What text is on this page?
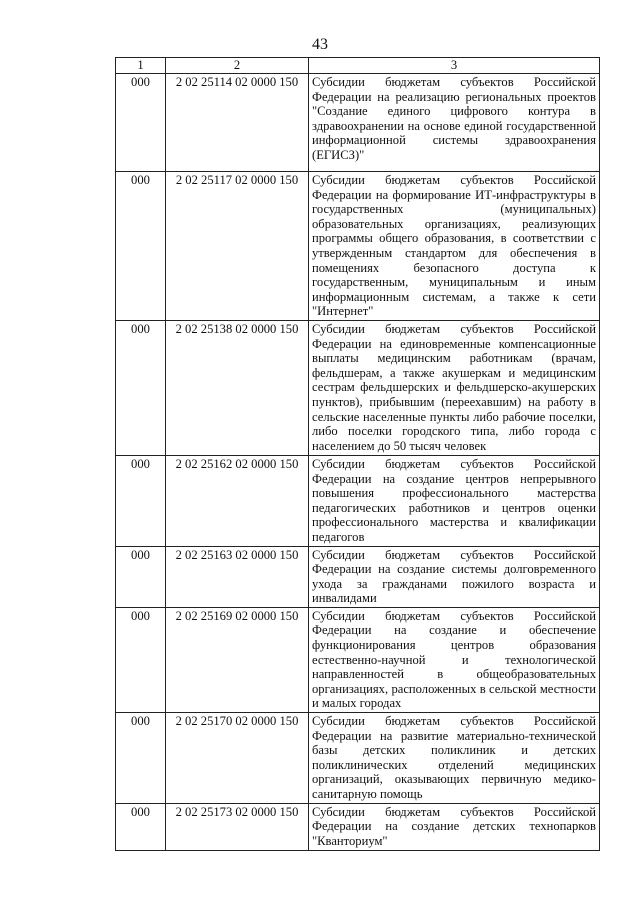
43
1	2	3
000	2 02 25114 02 0000 150	Субсидии бюджетам субъектов Российской Федерации на реализацию региональных проектов "Создание единого цифрового контура в здравоохранении на основе единой государственной информационной системы здравоохранения (ЕГИСЗ)"
000	2 02 25117 02 0000 150	Субсидии бюджетам субъектов Российской Федерации на формирование ИТ-инфраструктуры в государственных (муниципальных) образовательных организациях, реализующих программы общего образования, в соответствии с утвержденным стандартом для обеспечения в помещениях безопасного доступа к государственным, муниципальным и иным информационным системам, а также к сети "Интернет"
000	2 02 25138 02 0000 150	Субсидии бюджетам субъектов Российской Федерации на единовременные компенсационные выплаты медицинским работникам (врачам, фельдшерам, а также акушеркам и медицинским сестрам фельдшерских и фельдшерско-акушерских пунктов), прибывшим (переехавшим) на работу в сельские населенные пункты либо рабочие поселки, либо поселки городского типа, либо города с населением до 50 тысяч человек
000	2 02 25162 02 0000 150	Субсидии бюджетам субъектов Российской Федерации на создание центров непрерывного повышения профессионального мастерства педагогических работников и центров оценки профессионального мастерства и квалификации педагогов
000	2 02 25163 02 0000 150	Субсидии бюджетам субъектов Российской Федерации на создание системы долговременного ухода за гражданами пожилого возраста и инвалидами
000	2 02 25169 02 0000 150	Субсидии бюджетам субъектов Российской Федерации на создание и обеспечение функционирования центров образования естественно-научной и технологической направленностей в общеобразовательных организациях, расположенных в сельской местности и малых городах
000	2 02 25170 02 0000 150	Субсидии бюджетам субъектов Российской Федерации на развитие материально-технической базы детских поликлиник и детских поликлинических отделений медицинских организаций, оказывающих первичную медико-санитарную помощь
000	2 02 25173 02 0000 150	Субсидии бюджетам субъектов Российской Федерации на создание детских технопарков "Кванториум"
